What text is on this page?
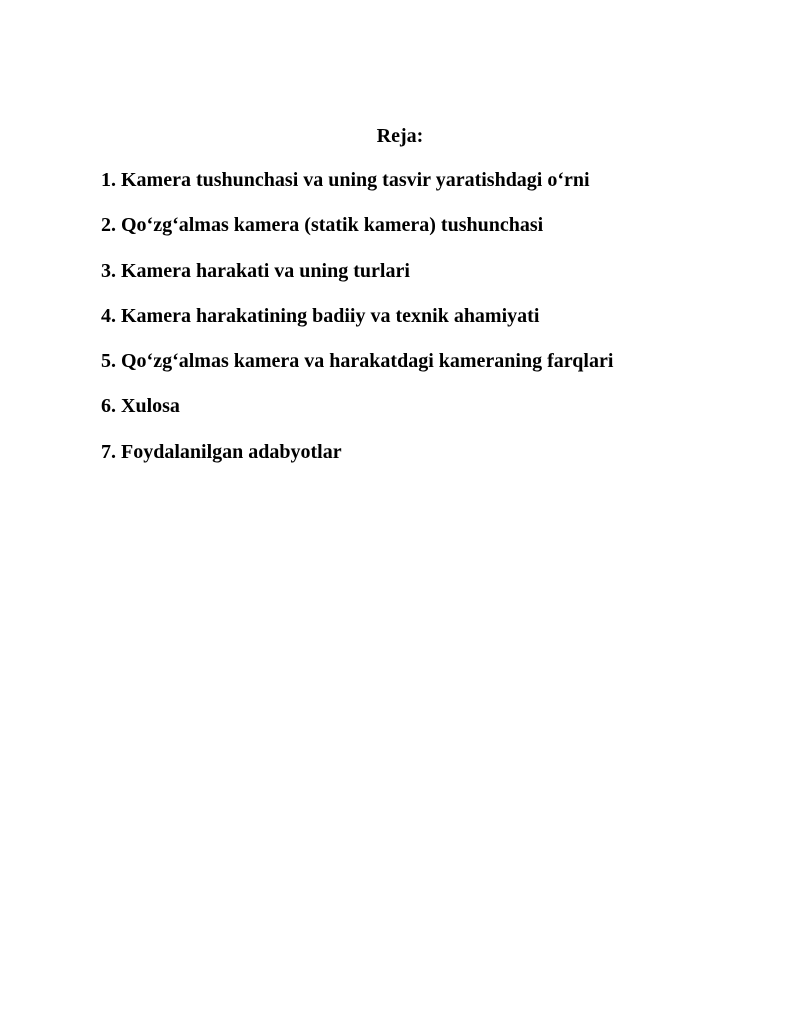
Reja:
1. Kamera tushunchasi va uning tasvir yaratishdagi o‘rni
2. Qo‘zg‘almas kamera (statik kamera) tushunchasi
3. Kamera harakati va uning turlari
4. Kamera harakatining badiiy va texnik ahamiyati
5. Qo‘zg‘almas kamera va harakatdagi kameraning farqlari
6. Xulosa
7. Foydalanilgan adabyotlar
